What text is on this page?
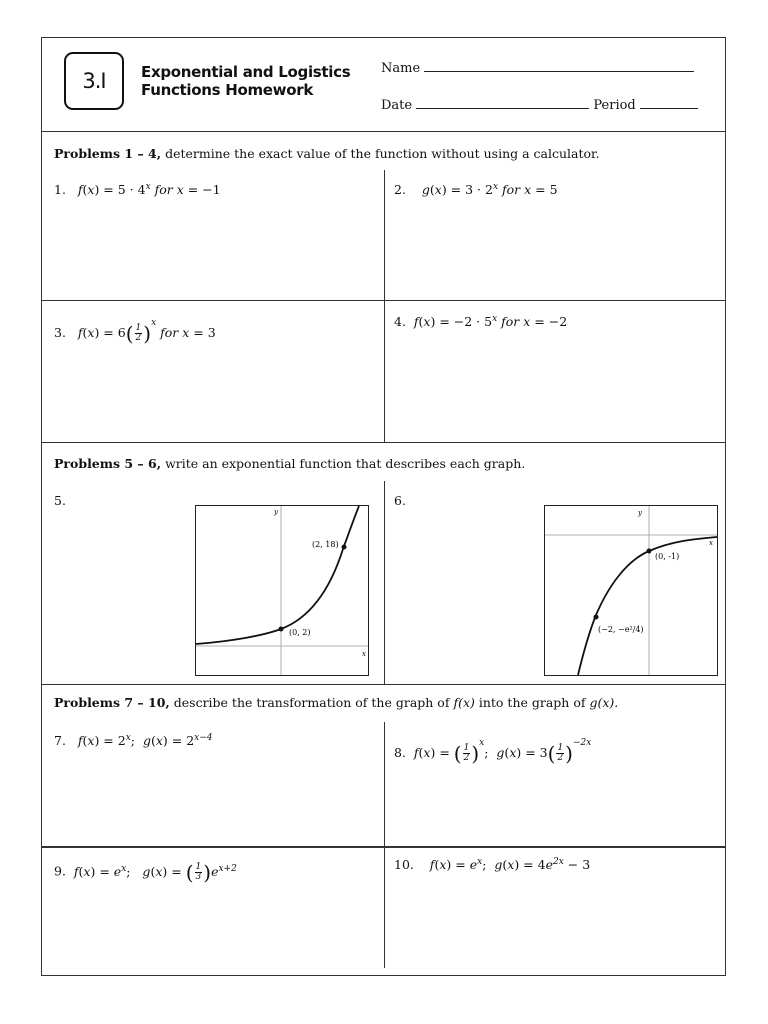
3.I	Exponential and Logistics
Functions Homework
Name
Date	Period
Problems 1 – 4, determine the exact value of the function without using a calculator.
1. $f(x) = 5 \cdot 4^x$ for x = −1	2. $g(x) = 3 \cdot 2^x$ for x = 5
3. $f(x) = 6( \frac{1}{2} )^x$ for x = 3
4. $f(x) = -2 \cdot 5^x$ for x = −2
Problems 5 – 6, write an exponential function that describes each graph.
5.	6.
y
x
(2, 18)
(0, 2)
y
x
(0, -1)
(−2, −e²/4)
Problems 7 – 10, describe the transformation of the graph of f(x) into the graph of g(x).
7. $f(x) = 2^x$;  $g(x) = 2^{x-4}$
8. f(x) = ( $\frac{1}{2} )^x$;  $g(x) = 3( \frac{1}{2} )^{-2x}$
9. $f(x) = e^x$;   g(x) = ( $\frac{1}{3} )e^{x+2}$	10. $f(x) = e^x$;  $g(x) = 4e^{2x} - 3$
